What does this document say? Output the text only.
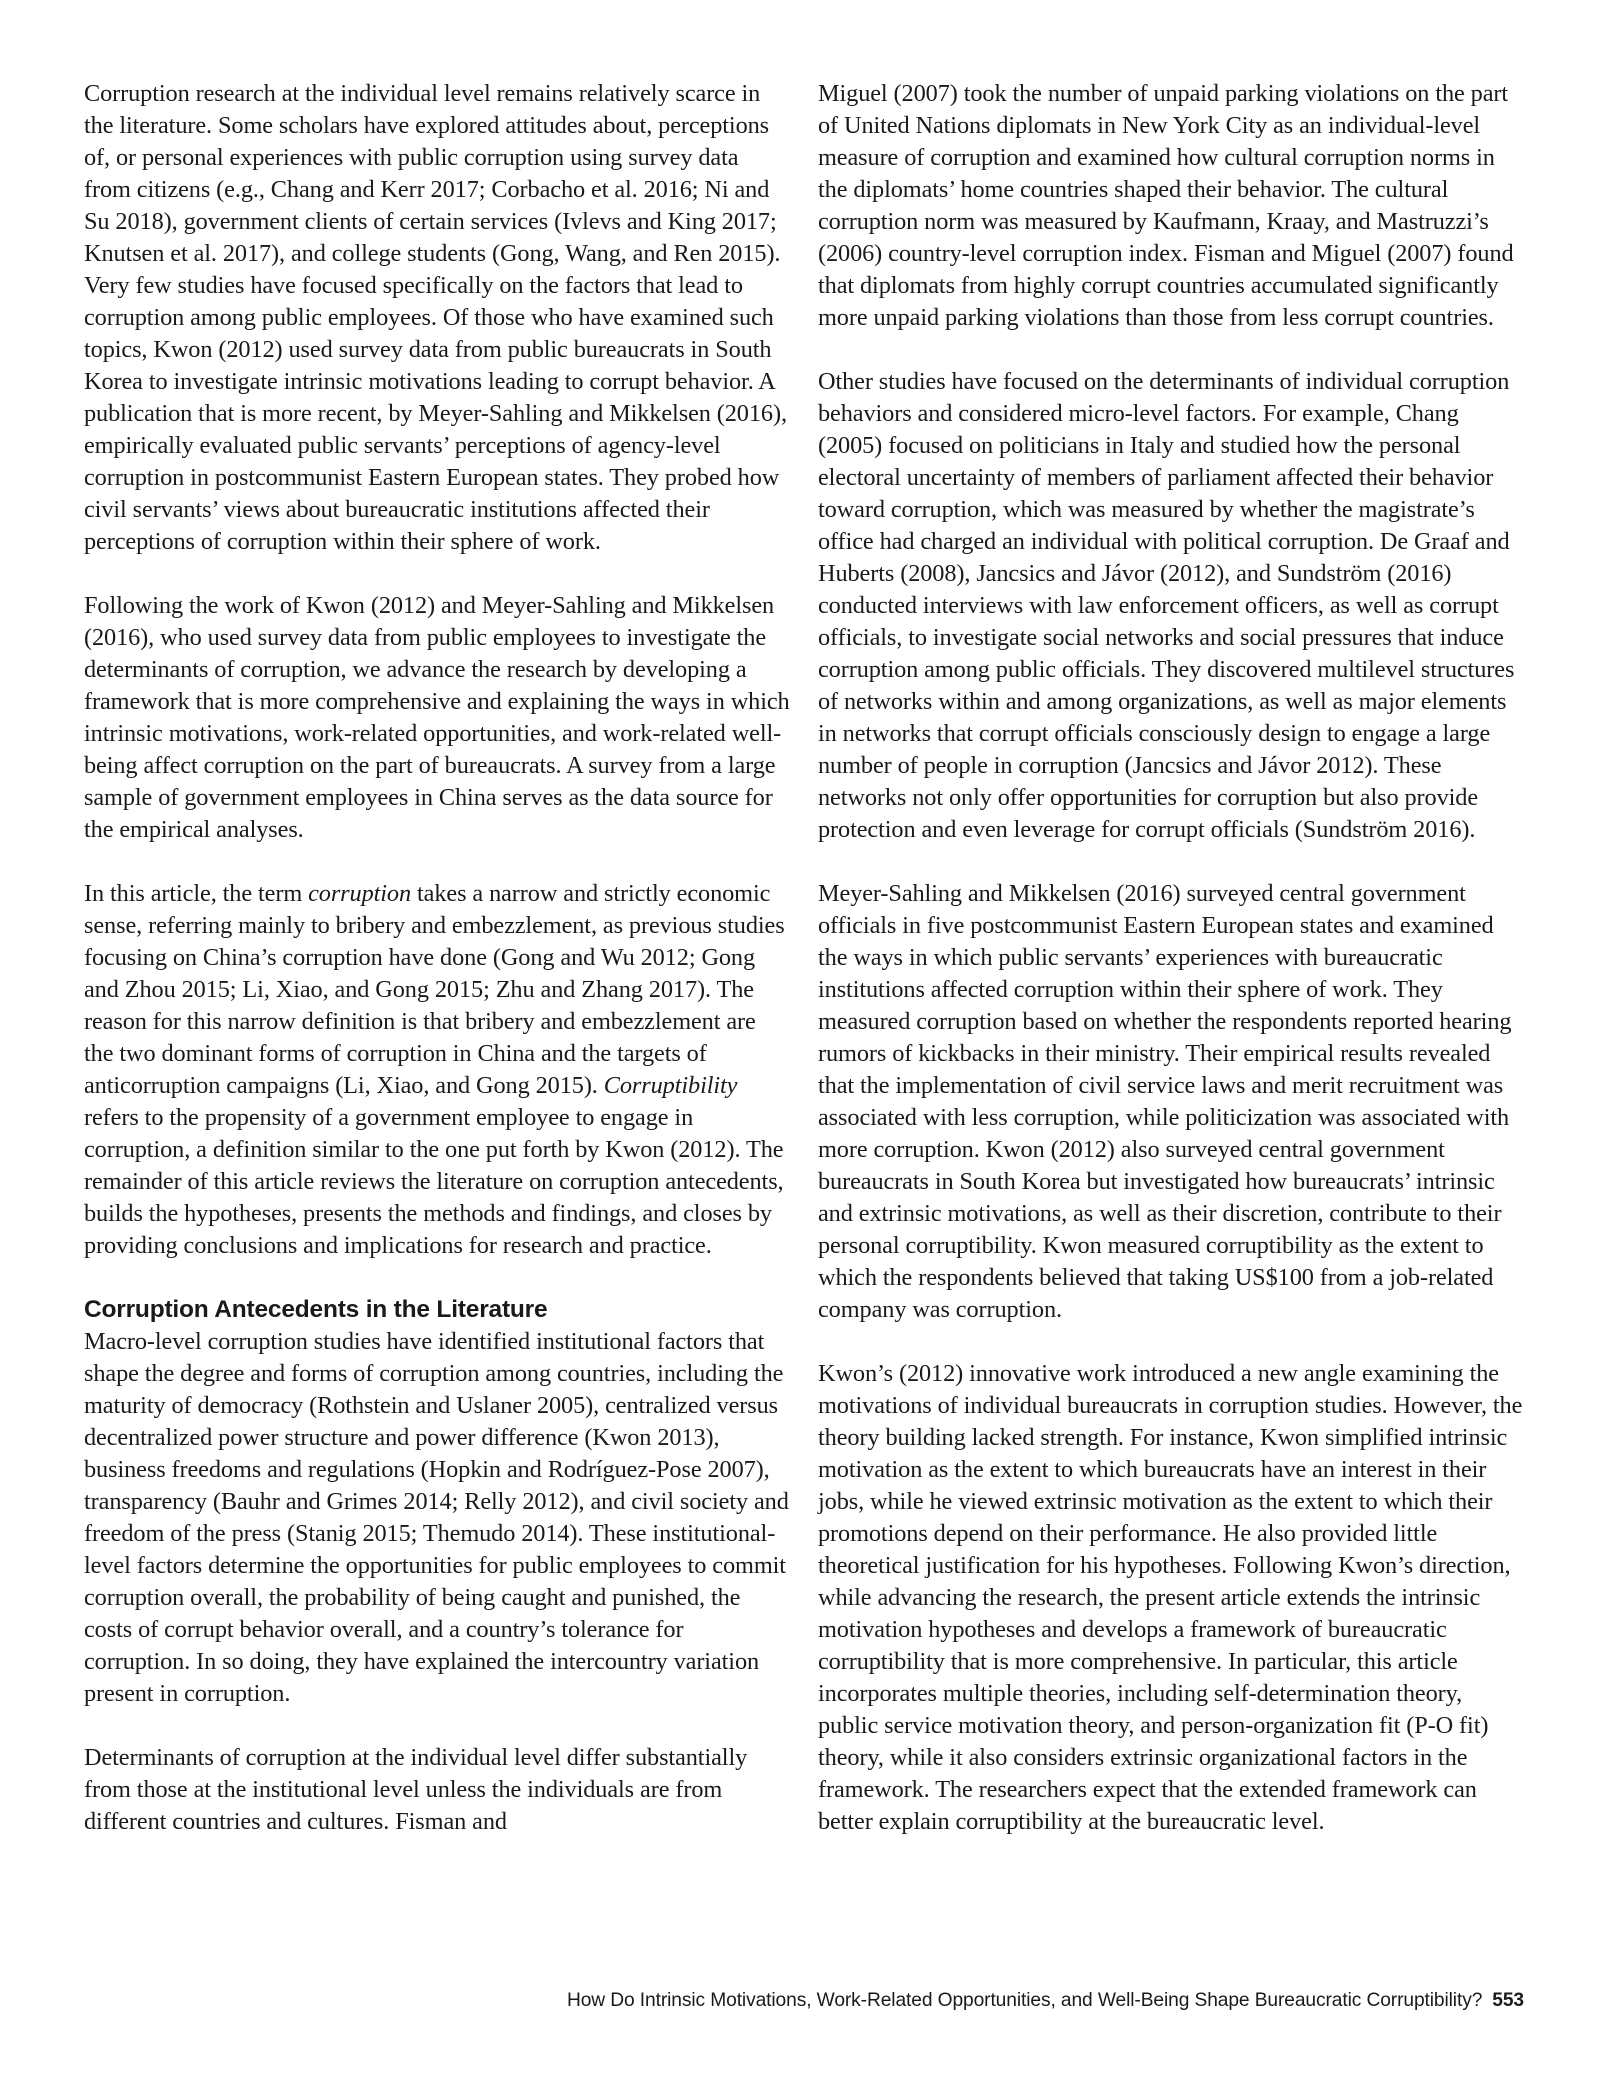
Corruption research at the individual level remains relatively scarce in the literature. Some scholars have explored attitudes about, perceptions of, or personal experiences with public corruption using survey data from citizens (e.g., Chang and Kerr 2017; Corbacho et al. 2016; Ni and Su 2018), government clients of certain services (Ivlevs and King 2017; Knutsen et al. 2017), and college students (Gong, Wang, and Ren 2015). Very few studies have focused specifically on the factors that lead to corruption among public employees. Of those who have examined such topics, Kwon (2012) used survey data from public bureaucrats in South Korea to investigate intrinsic motivations leading to corrupt behavior. A publication that is more recent, by Meyer-Sahling and Mikkelsen (2016), empirically evaluated public servants’ perceptions of agency-level corruption in postcommunist Eastern European states. They probed how civil servants’ views about bureaucratic institutions affected their perceptions of corruption within their sphere of work.

Following the work of Kwon (2012) and Meyer-Sahling and Mikkelsen (2016), who used survey data from public employees to investigate the determinants of corruption, we advance the research by developing a framework that is more comprehensive and explaining the ways in which intrinsic motivations, work-related opportunities, and work-related well-being affect corruption on the part of bureaucrats. A survey from a large sample of government employees in China serves as the data source for the empirical analyses.

In this article, the term corruption takes a narrow and strictly economic sense, referring mainly to bribery and embezzlement, as previous studies focusing on China’s corruption have done (Gong and Wu 2012; Gong and Zhou 2015; Li, Xiao, and Gong 2015; Zhu and Zhang 2017). The reason for this narrow definition is that bribery and embezzlement are the two dominant forms of corruption in China and the targets of anticorruption campaigns (Li, Xiao, and Gong 2015). Corruptibility refers to the propensity of a government employee to engage in corruption, a definition similar to the one put forth by Kwon (2012). The remainder of this article reviews the literature on corruption antecedents, builds the hypotheses, presents the methods and findings, and closes by providing conclusions and implications for research and practice.

Corruption Antecedents in the Literature

Macro-level corruption studies have identified institutional factors that shape the degree and forms of corruption among countries, including the maturity of democracy (Rothstein and Uslaner 2005), centralized versus decentralized power structure and power difference (Kwon 2013), business freedoms and regulations (Hopkin and Rodríguez-Pose 2007), transparency (Bauhr and Grimes 2014; Relly 2012), and civil society and freedom of the press (Stanig 2015; Themudo 2014). These institutional-level factors determine the opportunities for public employees to commit corruption overall, the probability of being caught and punished, the costs of corrupt behavior overall, and a country’s tolerance for corruption. In so doing, they have explained the intercountry variation present in corruption.

Determinants of corruption at the individual level differ substantially from those at the institutional level unless the individuals are from different countries and cultures. Fisman and

Miguel (2007) took the number of unpaid parking violations on the part of United Nations diplomats in New York City as an individual-level measure of corruption and examined how cultural corruption norms in the diplomats’ home countries shaped their behavior. The cultural corruption norm was measured by Kaufmann, Kraay, and Mastruzzi’s (2006) country-level corruption index. Fisman and Miguel (2007) found that diplomats from highly corrupt countries accumulated significantly more unpaid parking violations than those from less corrupt countries.

Other studies have focused on the determinants of individual corruption behaviors and considered micro-level factors. For example, Chang (2005) focused on politicians in Italy and studied how the personal electoral uncertainty of members of parliament affected their behavior toward corruption, which was measured by whether the magistrate’s office had charged an individual with political corruption. De Graaf and Huberts (2008), Jancsics and Jávor (2012), and Sundström (2016) conducted interviews with law enforcement officers, as well as corrupt officials, to investigate social networks and social pressures that induce corruption among public officials. They discovered multilevel structures of networks within and among organizations, as well as major elements in networks that corrupt officials consciously design to engage a large number of people in corruption (Jancsics and Jávor 2012). These networks not only offer opportunities for corruption but also provide protection and even leverage for corrupt officials (Sundström 2016).

Meyer-Sahling and Mikkelsen (2016) surveyed central government officials in five postcommunist Eastern European states and examined the ways in which public servants’ experiences with bureaucratic institutions affected corruption within their sphere of work. They measured corruption based on whether the respondents reported hearing rumors of kickbacks in their ministry. Their empirical results revealed that the implementation of civil service laws and merit recruitment was associated with less corruption, while politicization was associated with more corruption. Kwon (2012) also surveyed central government bureaucrats in South Korea but investigated how bureaucrats’ intrinsic and extrinsic motivations, as well as their discretion, contribute to their personal corruptibility. Kwon measured corruptibility as the extent to which the respondents believed that taking US$100 from a job-related company was corruption.

Kwon’s (2012) innovative work introduced a new angle examining the motivations of individual bureaucrats in corruption studies. However, the theory building lacked strength. For instance, Kwon simplified intrinsic motivation as the extent to which bureaucrats have an interest in their jobs, while he viewed extrinsic motivation as the extent to which their promotions depend on their performance. He also provided little theoretical justification for his hypotheses. Following Kwon’s direction, while advancing the research, the present article extends the intrinsic motivation hypotheses and develops a framework of bureaucratic corruptibility that is more comprehensive. In particular, this article incorporates multiple theories, including self-determination theory, public service motivation theory, and person-organization fit (P-O fit) theory, while it also considers extrinsic organizational factors in the framework. The researchers expect that the extended framework can better explain corruptibility at the bureaucratic level.

How Do Intrinsic Motivations, Work-Related Opportunities, and Well-Being Shape Bureaucratic Corruptibility? 553
